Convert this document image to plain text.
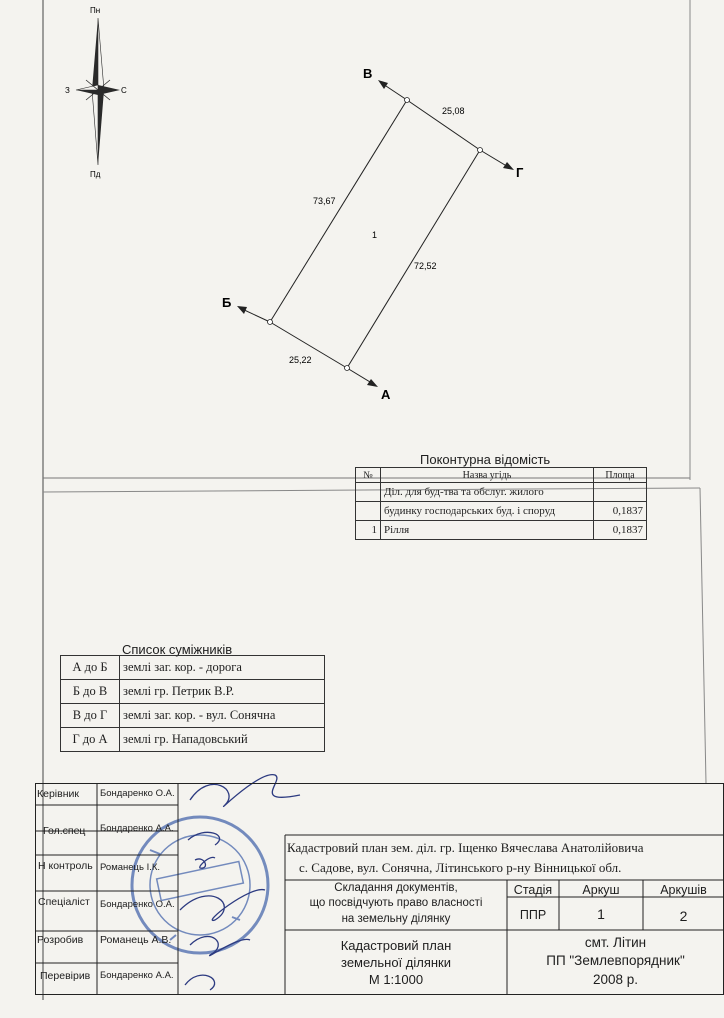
Пн
Пд
З	С
В
Г
Б
А
25,08
73,67
72,52
25,22
1
Поконтурна відомість
№	Назва угідь	Площа
	Діл. для буд-тва та обслуг. жилого	
	будинку господарських буд. і споруд	0,1837
1	Рілля	0,1837
Список суміжників
А до Б	землі заг. кор. - дорога
Б до В	землі гр. Петрик В.Р.
В до Г	землі заг. кор. - вул. Сонячна
Г до А	землі гр. Нападовський
Керівник Бондаренко О.А.
Гол.спец Бондаренко А.А.
Н контроль Романець І.К.
Спеціаліст Бондаренко О.А.
Розробив Романець А.В.
Перевірив Бондаренко А.А.
Кадастровий план зем. діл. гр. Іщенко Вячеслава Анатолійовича
с. Садове, вул. Сонячна, Літинського р-ну Вінницької обл.
Складання документів,
що посвідчують право власності
на земельну ділянку
Стадія	Аркуш	Аркушів
ППР	1	2
Кадастровий план
земельної ділянки
М 1:1000
смт. Літин
ПП "Землевпорядник"
2008 р.
